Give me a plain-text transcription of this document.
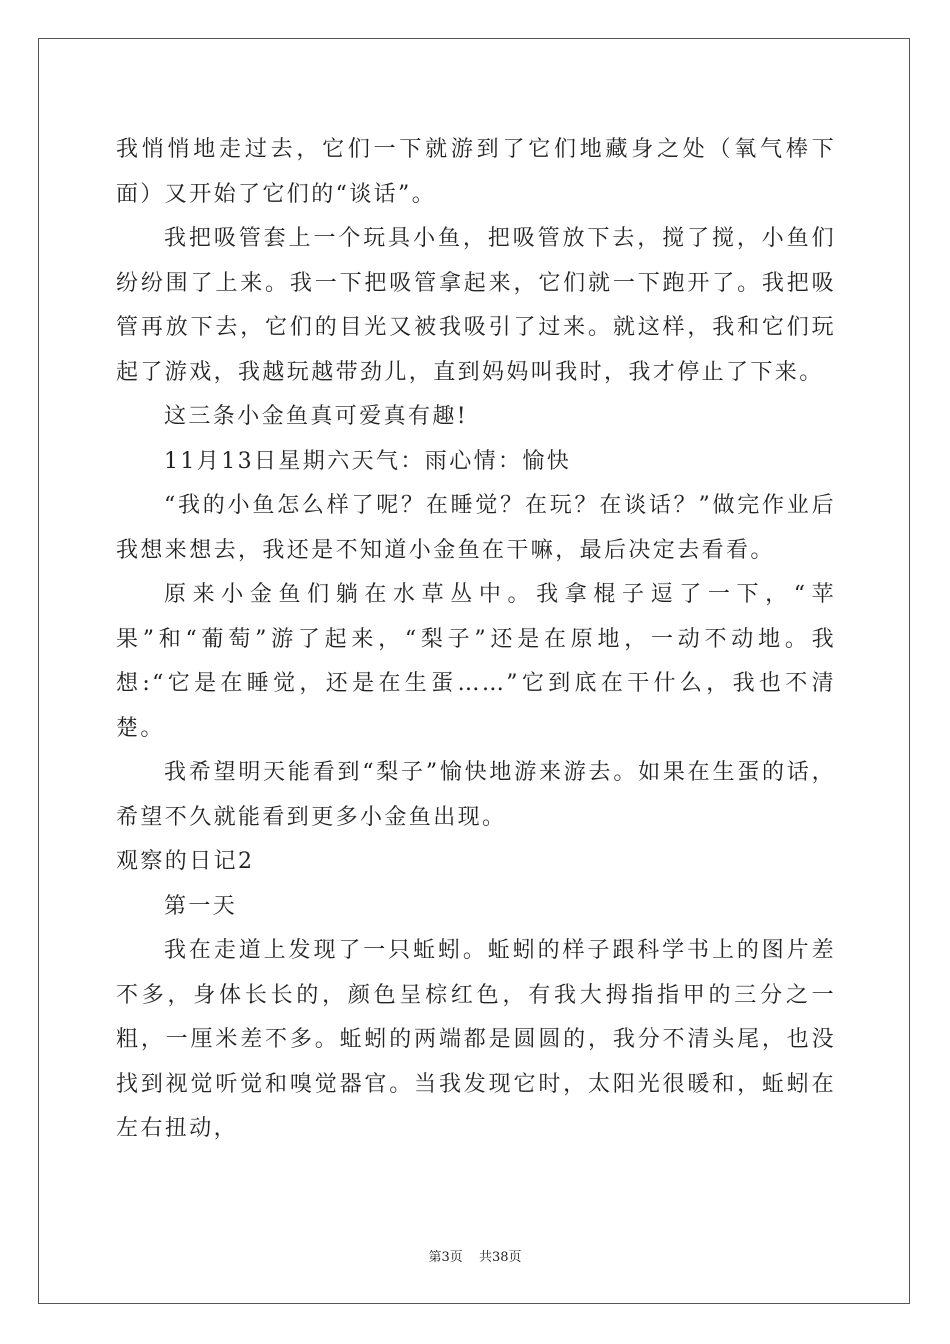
我悄悄地走过去，它们一下就游到了它们地藏身之处（氧气棒下面）又开始了它们的“谈话”。

我把吸管套上一个玩具小鱼，把吸管放下去，搅了搅，小鱼们纷纷围了上来。我一下把吸管拿起来，它们就一下跑开了。我把吸管再放下去，它们的目光又被我吸引了过来。就这样，我和它们玩起了游戏，我越玩越带劲儿，直到妈妈叫我时，我才停止了下来。

这三条小金鱼真可爱真有趣!

11月13日星期六天气：雨心情：愉快

“我的小鱼怎么样了呢？在睡觉？在玩？在谈话？”做完作业后我想来想去，我还是不知道小金鱼在干嘛，最后决定去看看。

原来小金鱼们躺在水草丛中。我拿棍子逗了一下，“苹果”和“葡萄”游了起来，“梨子”还是在原地，一动不动地。我想:“它是在睡觉，还是在生蛋……”它到底在干什么，我也不清楚。

我希望明天能看到“梨子”愉快地游来游去。如果在生蛋的话，希望不久就能看到更多小金鱼出现。

观察的日记2

第一天

我在走道上发现了一只蚯蚓。蚯蚓的样子跟科学书上的图片差不多，身体长长的，颜色呈棕红色，有我大拇指指甲的三分之一粗，一厘米差不多。蚯蚓的两端都是圆圆的，我分不清头尾，也没找到视觉听觉和嗅觉器官。当我发现它时，太阳光很暖和，蚯蚓在左右扭动，

第3页 共38页
